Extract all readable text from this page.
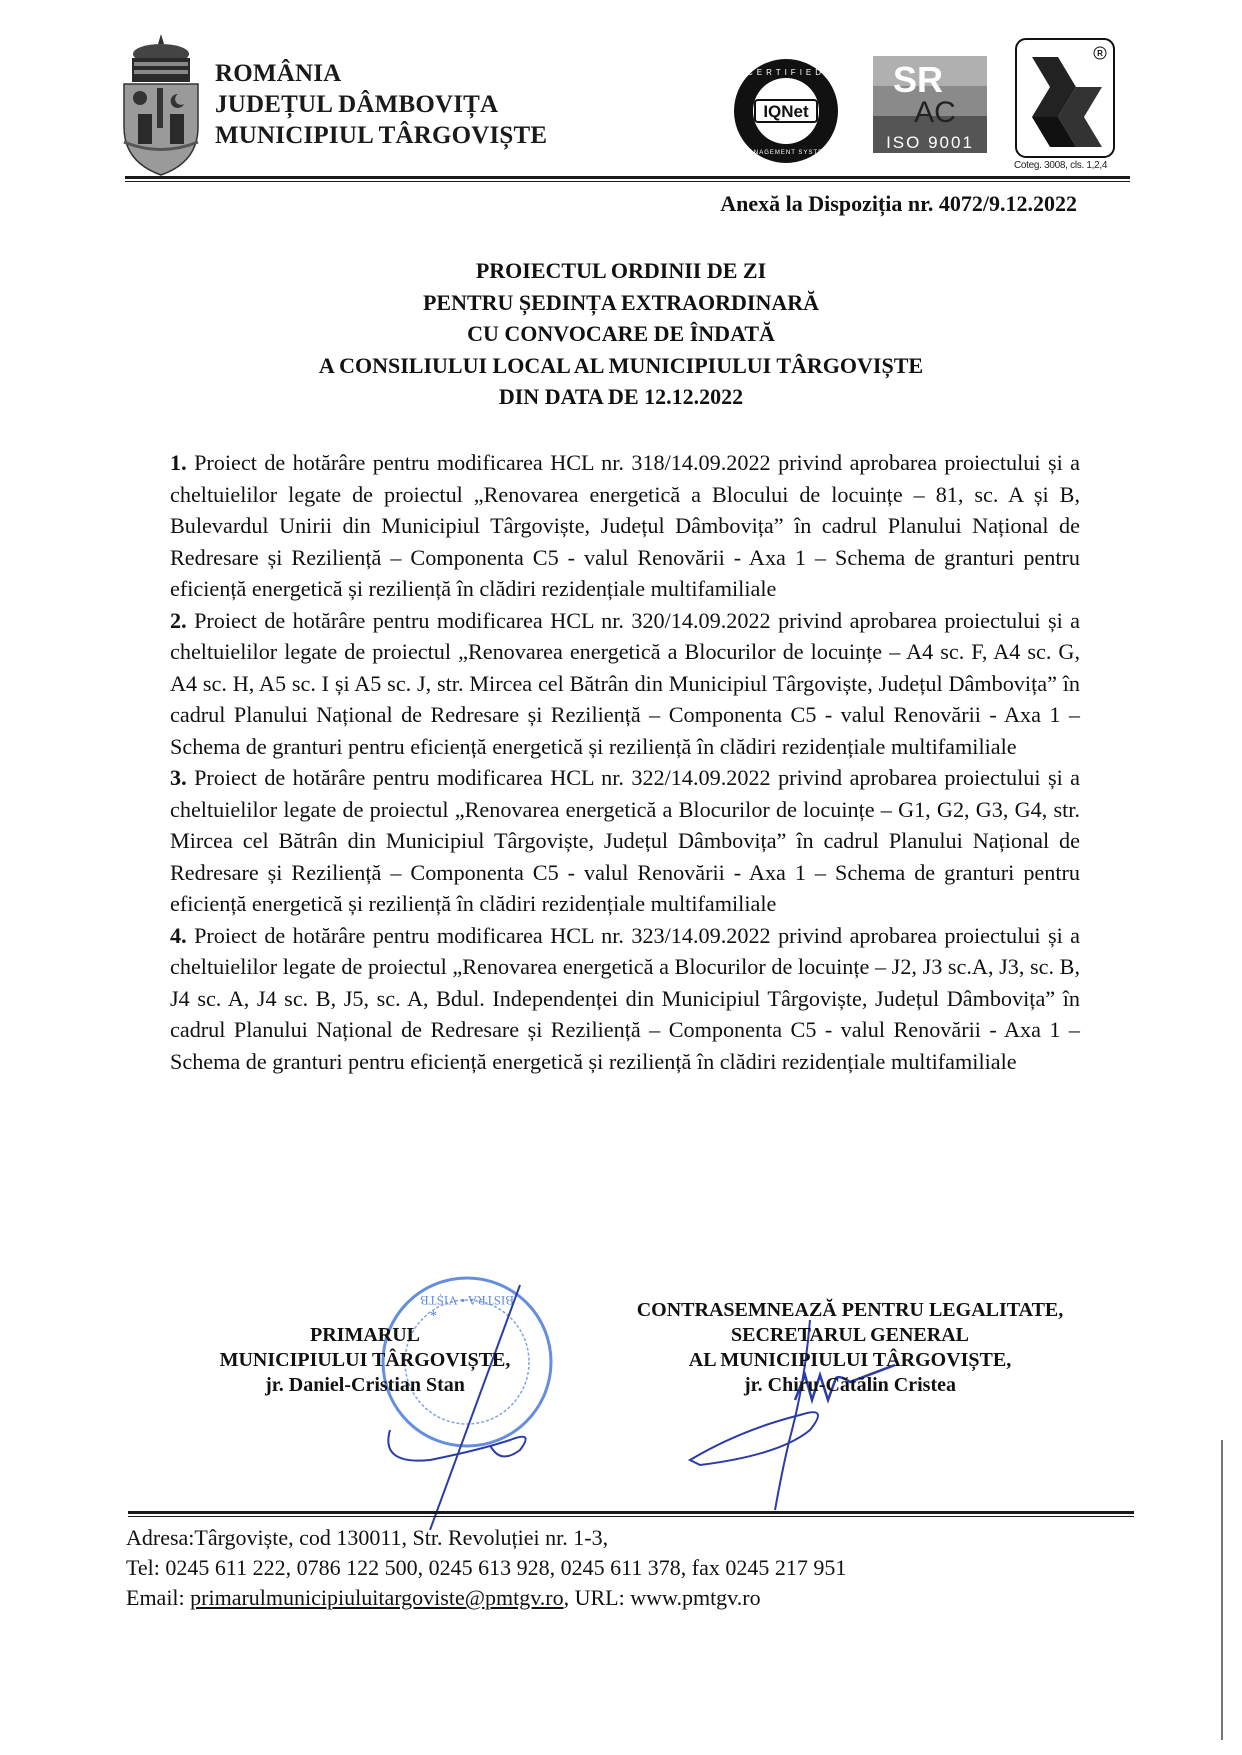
ROMÂNIA
JUDEȚUL DÂMBOVIȚA
MUNICIPIUL TÂRGOVIȘTE
IQNet
CERTIFIED
MANAGEMENT SYSTEM
SR
AC
ISO 9001
R
Coteg. 3008, cls. 1,2,4
Anexă la Dispoziția nr. 4072/9.12.2022
PROIECTUL ORDINII DE ZI
PENTRU ȘEDINȚA EXTRAORDINARĂ
CU CONVOCARE DE ÎNDATĂ
A CONSILIULUI LOCAL AL MUNICIPIULUI TÂRGOVIȘTE
DIN DATA DE 12.12.2022

1. Proiect de hotărâre pentru modificarea HCL nr. 318/14.09.2022 privind aprobarea proiectului și a cheltuielilor legate de proiectul „Renovarea energetică a Blocului de locuințe – 81, sc. A și B, Bulevardul Unirii din Municipiul Târgoviște, Județul Dâmbovița” în cadrul Planului Național de Redresare și Reziliență – Componenta C5 - valul Renovării - Axa 1 – Schema de granturi pentru eficiență energetică și reziliență în clădiri rezidențiale multifamiliale

2. Proiect de hotărâre pentru modificarea HCL nr. 320/14.09.2022 privind aprobarea proiectului și a cheltuielilor legate de proiectul „Renovarea energetică a Blocurilor de locuințe – A4 sc. F, A4 sc. G, A4 sc. H, A5 sc. I și A5 sc. J, str. Mircea cel Bătrân din Municipiul Târgoviște, Județul Dâmbovița” în cadrul Planului Național de Redresare și Reziliență – Componenta C5 - valul Renovării - Axa 1 – Schema de granturi pentru eficiență energetică și reziliență în clădiri rezidențiale multifamiliale

3. Proiect de hotărâre pentru modificarea HCL nr. 322/14.09.2022 privind aprobarea proiectului și a cheltuielilor legate de proiectul „Renovarea energetică a Blocurilor de locuințe – G1, G2, G3, G4, str. Mircea cel Bătrân din Municipiul Târgoviște, Județul Dâmbovița” în cadrul Planului Național de Redresare și Reziliență – Componenta C5 - valul Renovării - Axa 1 – Schema de granturi pentru eficiență energetică și reziliență în clădiri rezidențiale multifamiliale

4. Proiect de hotărâre pentru modificarea HCL nr. 323/14.09.2022 privind aprobarea proiectului și a cheltuielilor legate de proiectul „Renovarea energetică a Blocurilor de locuințe – J2, J3 sc.A, J3, sc. B, J4 sc. A, J4 sc. B, J5, sc. A, Bdul. Independenței din Municipiul Târgoviște, Județul Dâmbovița” în cadrul Planului Național de Redresare și Reziliență – Componenta C5 - valul Renovării - Axa 1 – Schema de granturi pentru eficiență energetică și reziliență în clădiri rezidențiale multifamiliale

BISTRA • VIȘTB
*
PRIMARUL
MUNICIPIULUI TÂRGOVIȘTE,
jr. Daniel-Cristian Stan
CONTRASEMNEAZĂ PENTRU LEGALITATE,
SECRETARUL GENERAL
AL MUNICIPIULUI TÂRGOVIȘTE,
jr. Chiru-Cătălin Cristea
Adresa:Târgoviște, cod 130011, Str. Revoluției nr. 1-3,
Tel: 0245 611 222, 0786 122 500, 0245 613 928, 0245 611 378, fax 0245 217 951
Email: primarulmunicipiuluitargoviste@pmtgv.ro, URL: www.pmtgv.ro
